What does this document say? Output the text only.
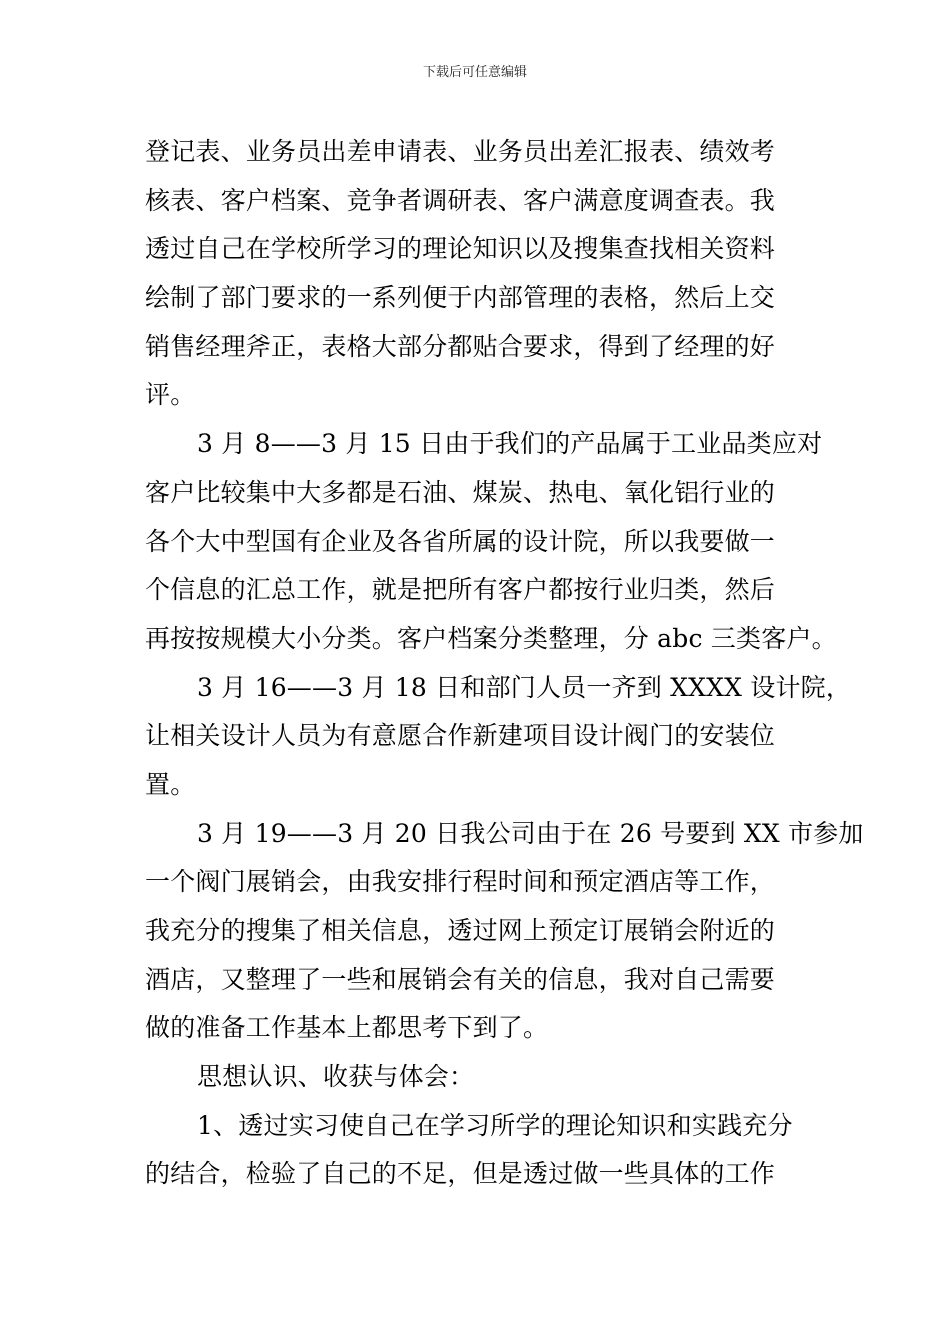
下载后可任意编辑
登记表、业务员出差申请表、业务员出差汇报表、绩效考
核表、客户档案、竞争者调研表、客户满意度调查表。我
透过自己在学校所学习的理论知识以及搜集查找相关资料
绘制了部门要求的一系列便于内部管理的表格，然后上交
销售经理斧正，表格大部分都贴合要求，得到了经理的好
评。
3 月 8——3 月 15 日由于我们的产品属于工业品类应对
客户比较集中大多都是石油、煤炭、热电、氧化铝行业的
各个大中型国有企业及各省所属的设计院，所以我要做一
个信息的汇总工作，就是把所有客户都按行业归类，然后
再按按规模大小分类。客户档案分类整理，分 abc 三类客户。
3 月 16——3 月 18 日和部门人员一齐到 XXXX 设计院，
让相关设计人员为有意愿合作新建项目设计阀门的安装位
置。
3 月 19——3 月 20 日我公司由于在 26 号要到 XX 市参加
一个阀门展销会，由我安排行程时间和预定酒店等工作，
我充分的搜集了相关信息，透过网上预定订展销会附近的
酒店，又整理了一些和展销会有关的信息，我对自己需要
做的准备工作基本上都思考下到了。
思想认识、收获与体会：
1、透过实习使自己在学习所学的理论知识和实践充分
的结合，检验了自己的不足，但是透过做一些具体的工作
